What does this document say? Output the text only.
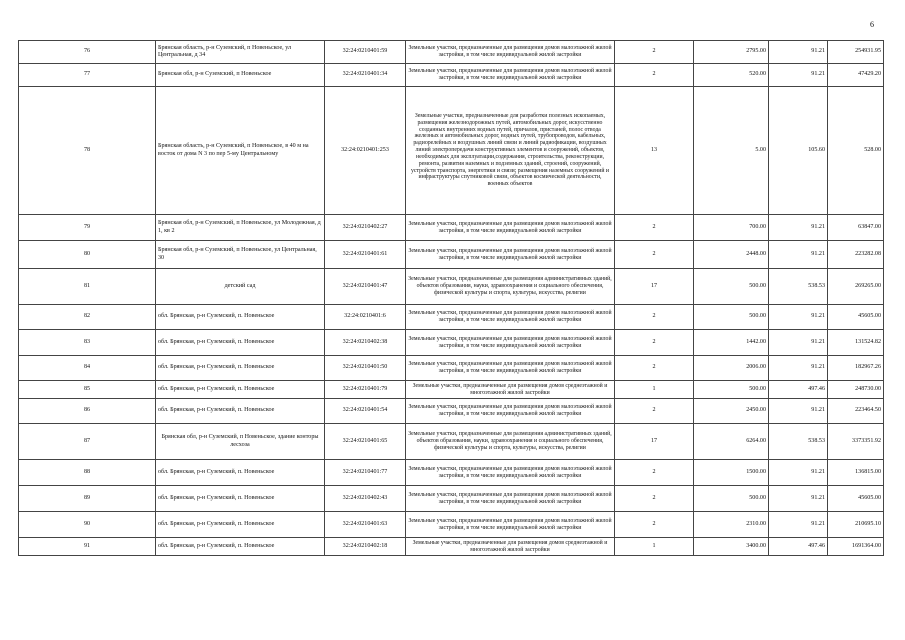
6
76	Брянская область, р-н Суземский, п Новеньское, ул Центральная, д 34	32:24:0210401:59	Земельные участки, предназначенные для размещения домов малоэтажной жилой застройки, в том числе индивидуальной жилой застройки	2	2795.00	91.21	254931.95
77	Брянская обл, р-н Суземский, п Новеньское	32:24:0210401:34	Земельные участки, предназначенные для размещения домов малоэтажной жилой застройки, в том числе индивидуальной жилой застройки	2	520.00	91.21	47429.20
78	Брянская область, р-н Суземский, п Новеньское, в 40 м на восток от дома N 3 по пер 5-му Центральному	32:24:0210401:253	Земельные участки, предназначенные для разработки полезных ископаемых, размещения железнодорожных путей, автомобильных дорог, искусственно созданных внутренних водных путей, причалов, пристаней, полос отвода железных и автомобильных дорог, водных путей, трубопроводов, кабельных, радиорелейных и воздушных линий связи и линий радиофикации, воздушных линий электропередачи конструктивных элементов и сооружений, объектов, необходимых для эксплуатации,содержания, строительства, реконструкции, ремонта, развития наземных и подземных зданий, строений, сооружений, устройств транспорта, энергетики и связи; размещения наземных сооружений и инфраструктуры спутниковой связи, объектов космической деятельности, военных объектов	13	5.00	105.60	528.00
79	Брянская обл, р-н Суземский, п Новеньское, ул Молодежная, д 1, кв 2	32:24:0210402:27	Земельные участки, предназначенные для размещения домов малоэтажной жилой застройки, в том числе индивидуальной жилой застройки	2	700.00	91.21	63847.00
80	Брянская обл, р-н Суземский, п Новеньское, ул Центральная, 30	32:24:0210401:61	Земельные участки, предназначенные для размещения домов малоэтажной жилой застройки, в том числе индивидуальной жилой застройки	2	2448.00	91.21	223282.08
81	детский сад	32:24:0210401:47	Земельные участки, предназначенные для размещения административных зданий, объектов образования, науки, здравоохранения и социального обеспечения, физической культуры и спорта, культуры, искусства, религии	17	500.00	538.53	269265.00
82	обл. Брянская, р-н Суземский, п. Новеньское	32:24:0210401:6	Земельные участки, предназначенные для размещения домов малоэтажной жилой застройки, в том числе индивидуальной жилой застройки	2	500.00	91.21	45605.00
83	обл. Брянская, р-н Суземский, п. Новеньское	32:24:0210402:38	Земельные участки, предназначенные для размещения домов малоэтажной жилой застройки, в том числе индивидуальной жилой застройки	2	1442.00	91.21	131524.82
84	обл. Брянская, р-н Суземский, п. Новеньское	32:24:0210401:50	Земельные участки, предназначенные для размещения домов малоэтажной жилой застройки, в том числе индивидуальной жилой застройки	2	2006.00	91.21	182967.26
85	обл. Брянская, р-н Суземский, п. Новеньское	32:24:0210401:79	Земельные участки, предназначенные для размещения домов среднеэтажной и многоэтажной жилой застройки	1	500.00	497.46	248730.00
86	обл. Брянская, р-н Суземский, п. Новеньское	32:24:0210401:54	Земельные участки, предназначенные для размещения домов малоэтажной жилой застройки, в том числе индивидуальной жилой застройки	2	2450.00	91.21	223464.50
87	Брянская обл, р-н Суземский, п Новеньское, здание конторы лесхоза	32:24:0210401:65	Земельные участки, предназначенные для размещения административных зданий, объектов образования, науки, здравоохранения и социального обеспечения, физической культуры и спорта, культуры, искусства, религии	17	6264.00	538.53	3373351.92
88	обл. Брянская, р-н Суземский, п. Новеньское	32:24:0210401:77	Земельные участки, предназначенные для размещения домов малоэтажной жилой застройки, в том числе индивидуальной жилой застройки	2	1500.00	91.21	136815.00
89	обл. Брянская, р-н Суземский, п. Новеньское	32:24:0210402:43	Земельные участки, предназначенные для размещения домов малоэтажной жилой застройки, в том числе индивидуальной жилой застройки	2	500.00	91.21	45605.00
90	обл. Брянская, р-н Суземский, п. Новеньское	32:24:0210401:63	Земельные участки, предназначенные для размещения домов малоэтажной жилой застройки, в том числе индивидуальной жилой застройки	2	2310.00	91.21	210695.10
91	обл. Брянская, р-н Суземский, п. Новеньское	32:24:0210402:18	Земельные участки, предназначенные для размещения домов среднеэтажной и многоэтажной жилой застройки	1	3400.00	497.46	1691364.00
